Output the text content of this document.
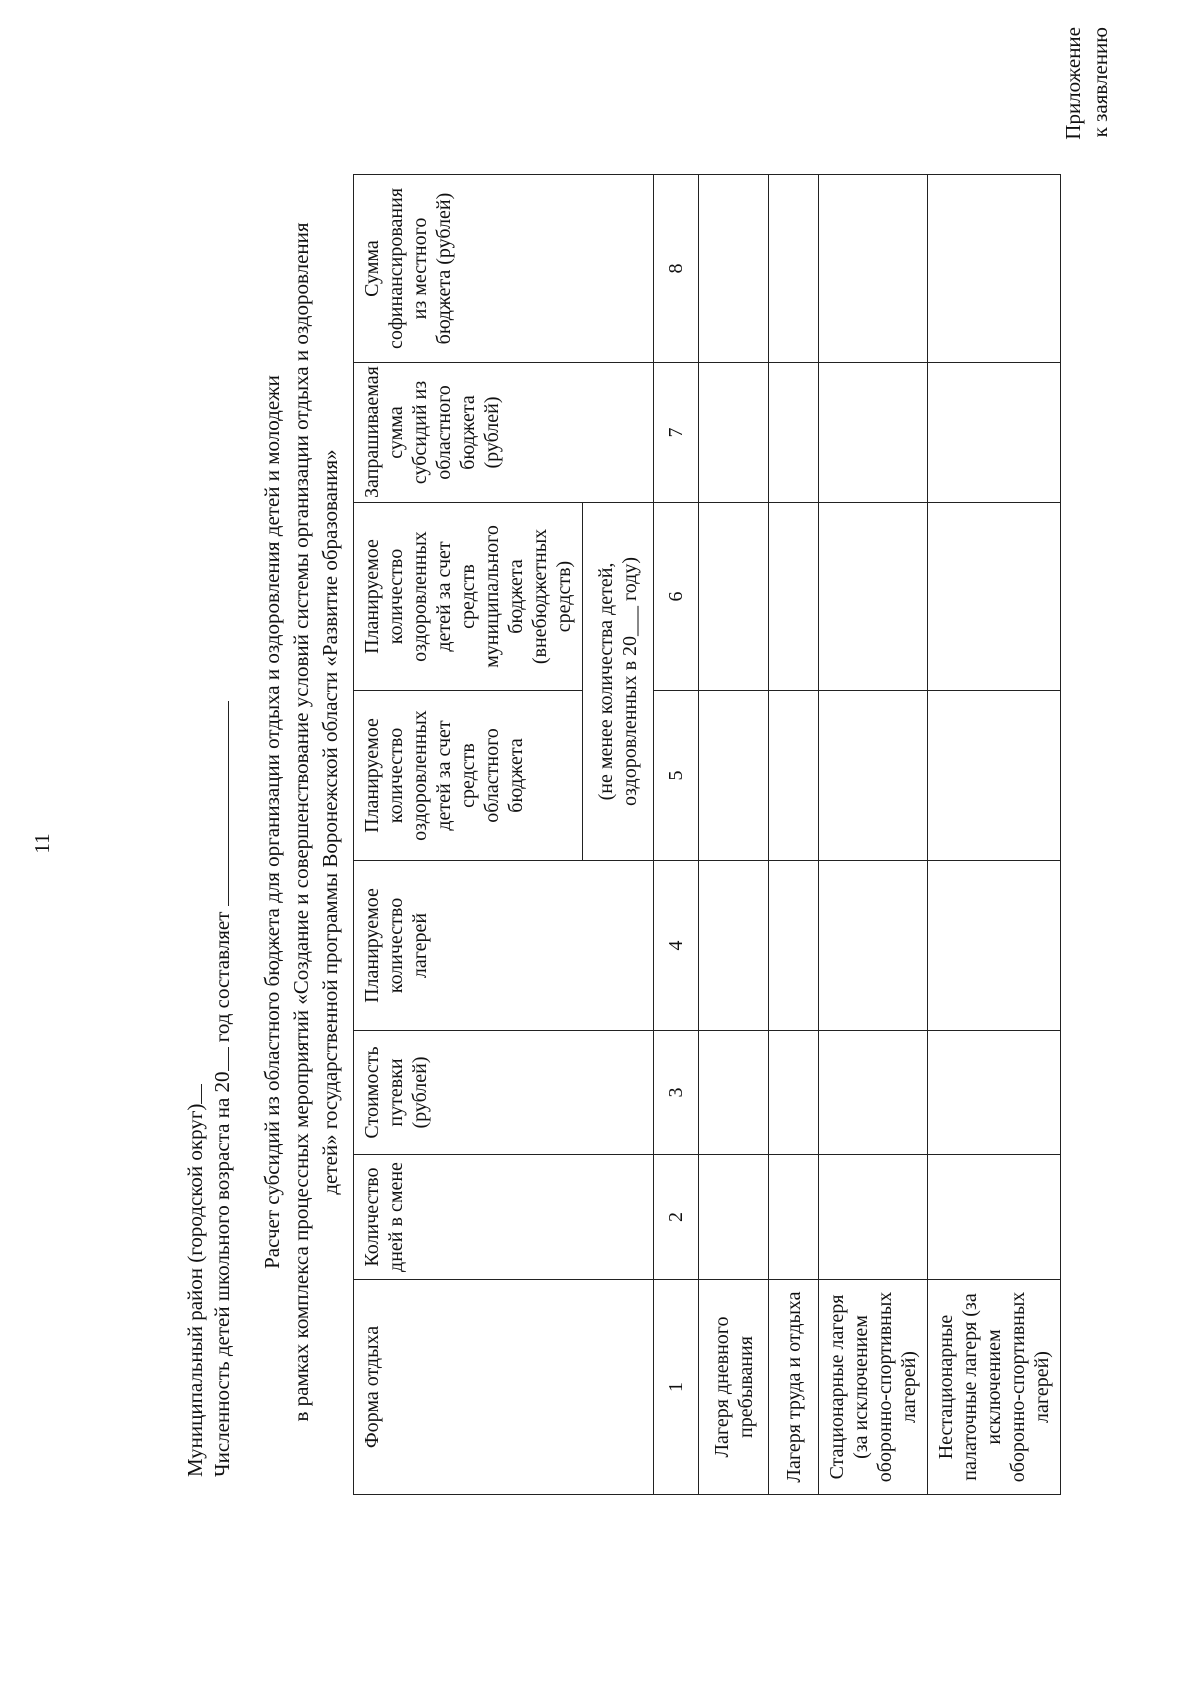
11
Приложение к заявлению
Муниципальный район (городской округ) Численность детей школьного возраста на 20 год составляет Расчет субсидий из областного бюджета для организации отдыха и оздоровления детей и молодежи в рамках комплекса процессных мероприятий «Создание и совершенствование условий системы организации отдыха и оздоровления детей» государственной программы Воронежской области «Развитие образования»
Форма отдыха	Количество дней в смене	Стоимость путевки (рублей)	Планируемое количество лагерей	Планируемое количество оздоровленных детей за счет средств областного бюджета	Планируемое количество оздоровленных детей за счет средств муниципального бюджета (внебюджетных средств)	Запрашиваемая сумма субсидий из областного бюджета (рублей)	Сумма софинансирования из местного бюджета (рублей)
				(не менее количества детей, оздоровленных в 20___ году)			
1	2	3	4	5	6	7	8
Лагеря дневного пребывания							
Лагеря труда и отдыха							
Стационарные лагеря (за исключением оборонно-спортивных лагерей)							
Нестационарные палаточные лагеря (за исключением оборонно-спортивных лагерей)							
